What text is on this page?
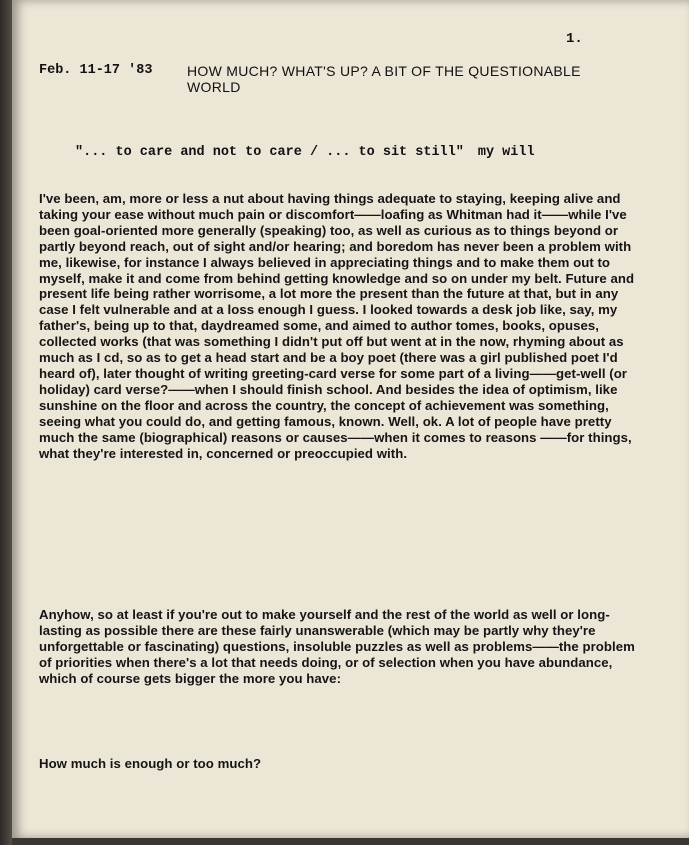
1.
Feb. 11-17 '83 HOW MUCH? WHAT'S UP? A BIT OF THE QUESTIONABLE WORLD
"... to care and not to care / ... to sit still" my will
I've been, am, more or less a nut about having things adequate to staying, keeping alive and taking your ease without much pain or discomfort——loafing as Whitman had it——while I've been goal-oriented more generally (speaking) too, as well as curious as to things beyond or partly beyond reach, out of sight and/or hearing; and boredom has never been a problem with me, likewise, for instance I always believed in appreciating things and to make them out to myself, make it and come from behind getting knowledge and so on under my belt. Future and present life being rather worrisome, a lot more the present than the future at that, but in any case I felt vulnerable and at a loss enough I guess. I looked towards a desk job like, say, my father's, being up to that, daydreamed some, and aimed to author tomes, books, opuses, collected works (that was something I didn't put off but went at in the now, rhyming about as much as I cd, so as to get a head start and be a boy poet (there was a girl published poet I'd heard of), later thought of writing greeting-card verse for some part of a living——get-well (or holiday) card verse?——when I should finish school. And besides the idea of optimism, like sunshine on the floor and across the country, the concept of achievement was something, seeing what you could do, and getting famous, known. Well, ok. A lot of people have pretty much the same (biographical) reasons or causes——when it comes to reasons ——for things, what they're interested in, concerned or preoccupied with.
Anyhow, so at least if you're out to make yourself and the rest of the world as well or long-lasting as possible there are these fairly unanswerable (which may be partly why they're unforgettable or fascinating) questions, insoluble puzzles as well as problems——the problem of priorities when there's a lot that needs doing, or of selection when you have abundance, which of course gets bigger the more you have:
How much is enough or too much?
